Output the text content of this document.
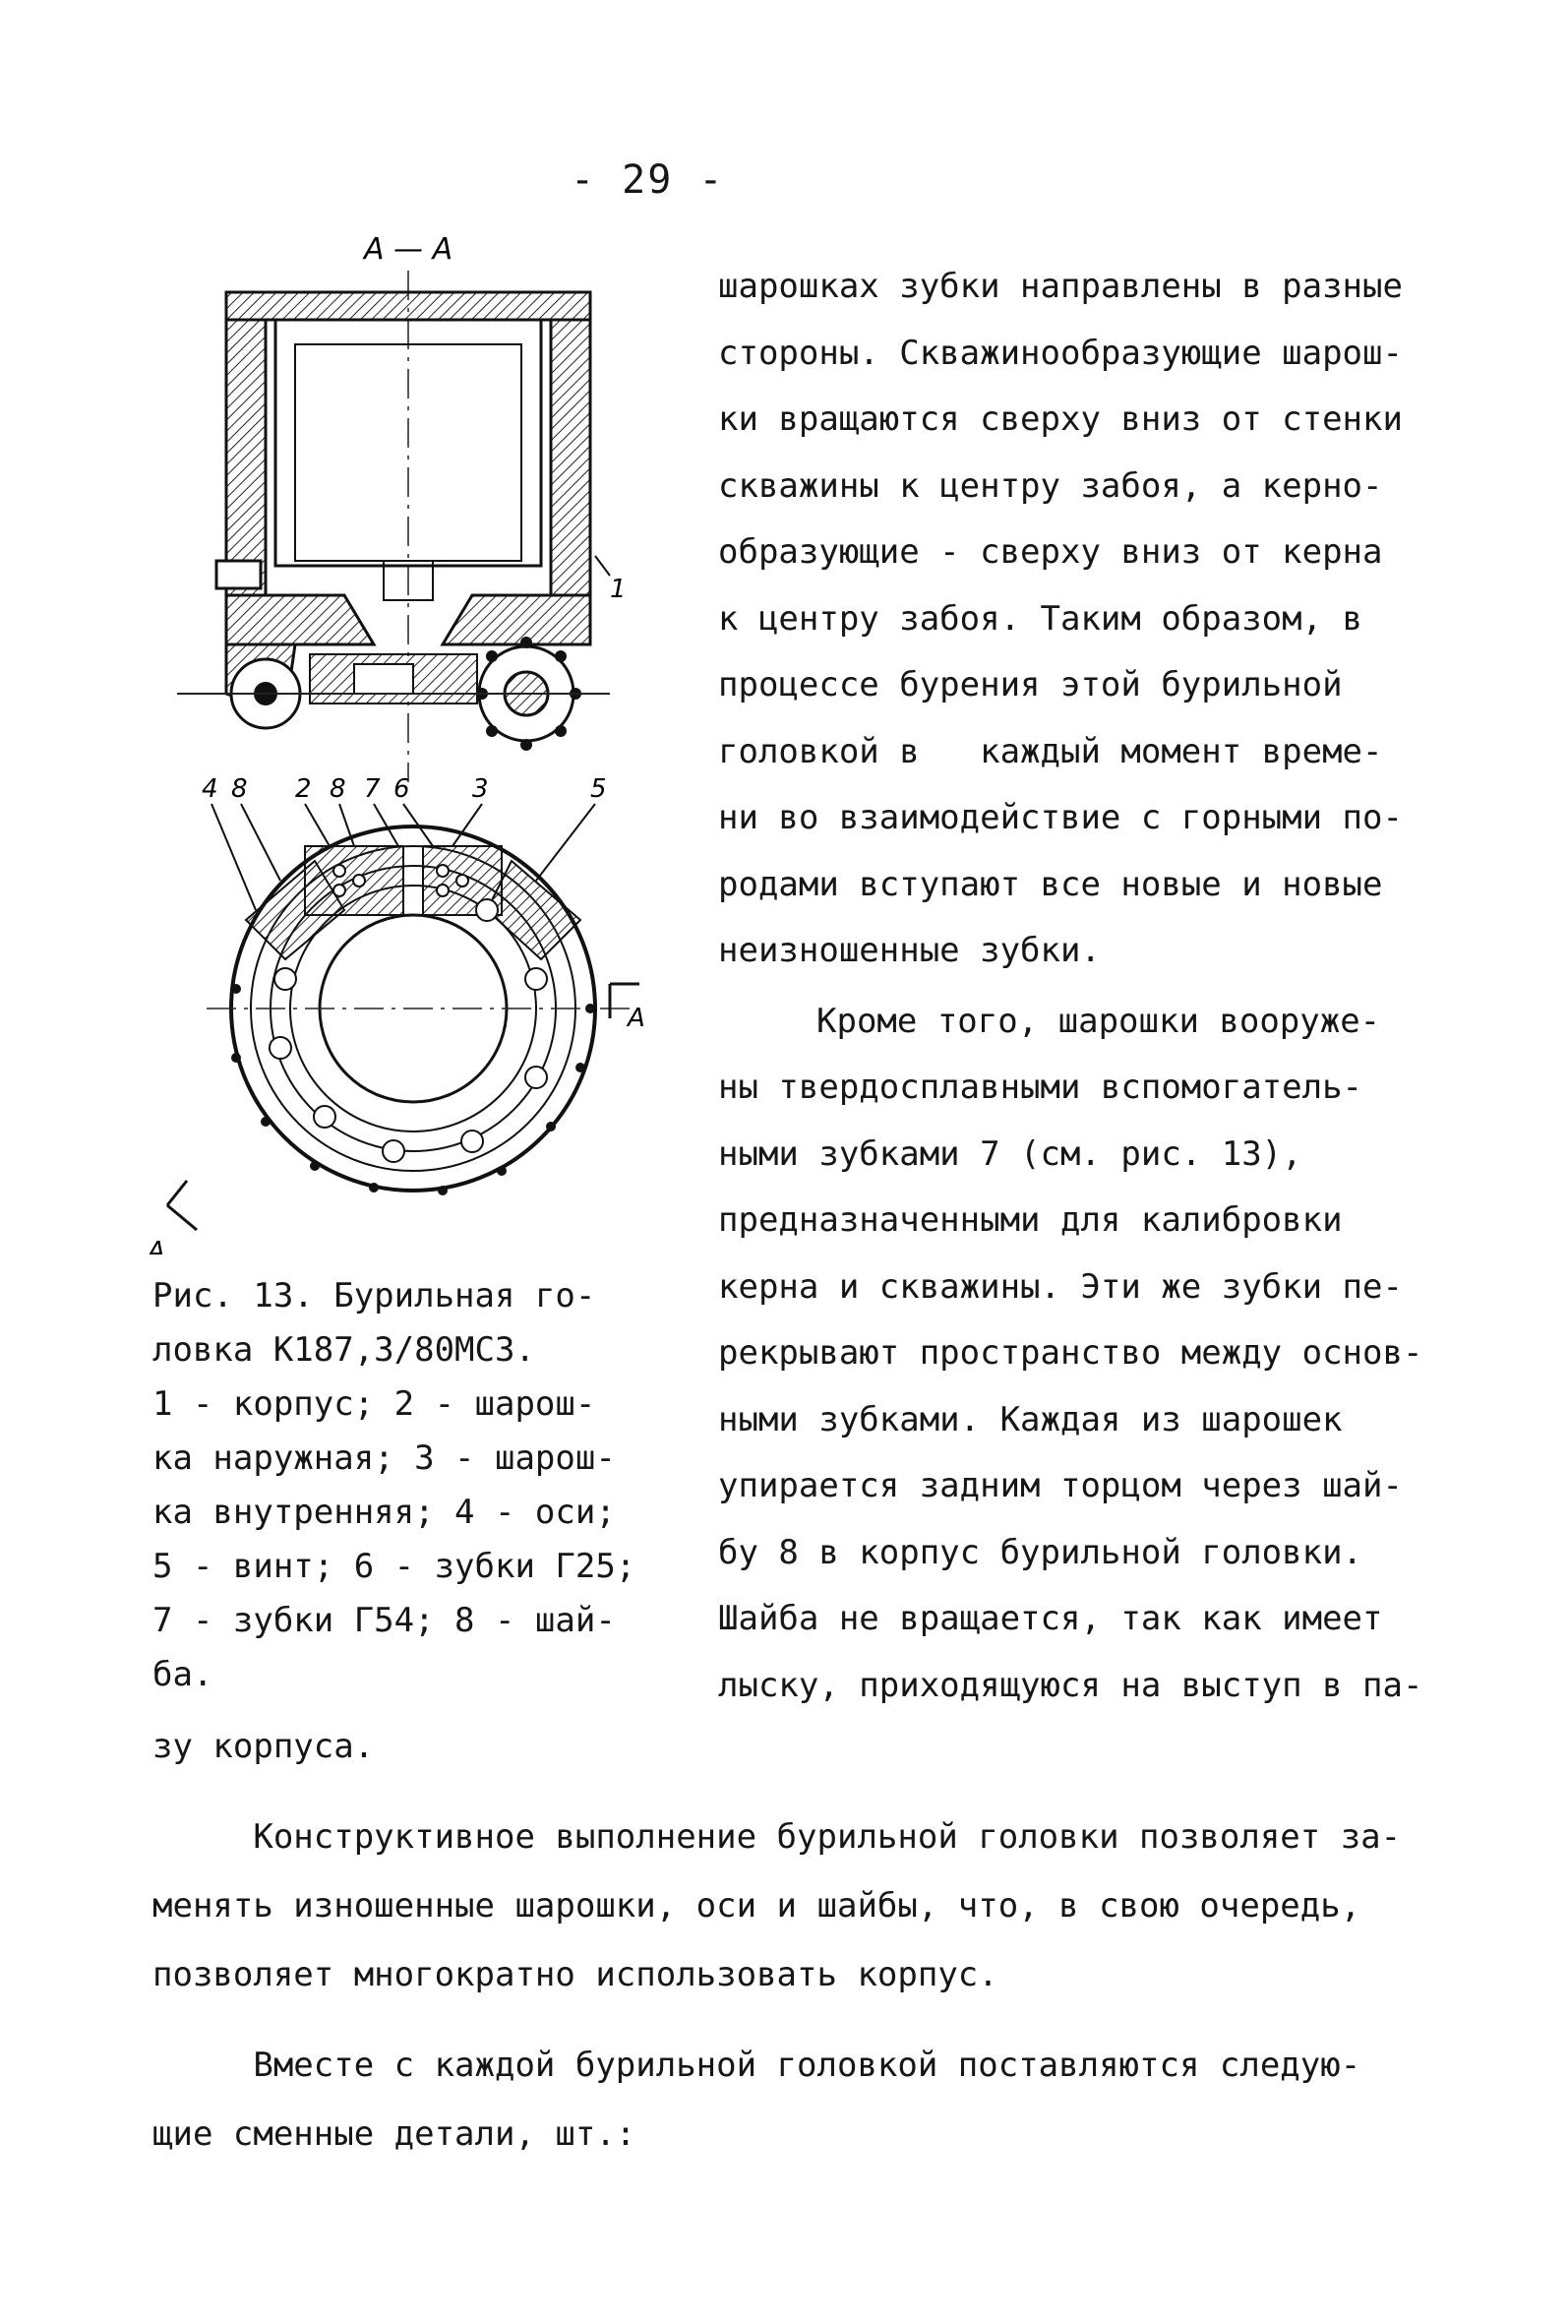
- 29 -
А — А
1
4 8 2 8 7 6 3	5
А
А
Рис. 13. Бурильная го-
ловка К187,3/80МС3.
1 - корпус; 2 - шарош-
ка наружная; 3 - шарош-
ка внутренняя; 4 - оси;
5 - винт; 6 - зубки Г25;
7 - зубки Г54; 8 - шай-
ба.
шарошках зубки направлены в разные
стороны. Скважинообразующие шарош-
ки вращаются сверху вниз от стенки
скважины к центру забоя, а керно-
образующие - сверху вниз от керна
к центру забоя. Таким образом, в
процессе бурения этой бурильной
головкой в   каждый момент време-
ни во взаимодействие с горными по-
родами вступают все новые и новые
неизношенные зубки.
Кроме того, шарошки вооруже-
ны твердосплавными вспомогатель-
ными зубками 7 (см. рис. 13),
предназначенными для калибровки
керна и скважины. Эти же зубки пе-
рекрывают пространство между основ-
ными зубками. Каждая из шарошек
упирается задним торцом через шай-
бу 8 в корпус бурильной головки.
Шайба не вращается, так как имеет
лыску, приходящуюся на выступ в па-
зу корпуса.
Конструктивное выполнение бурильной головки позволяет за-
менять изношенные шарошки, оси и шайбы, что, в свою очередь,
позволяет многократно использовать корпус.
Вместе с каждой бурильной головкой поставляются следую-
щие сменные детали, шт.:
